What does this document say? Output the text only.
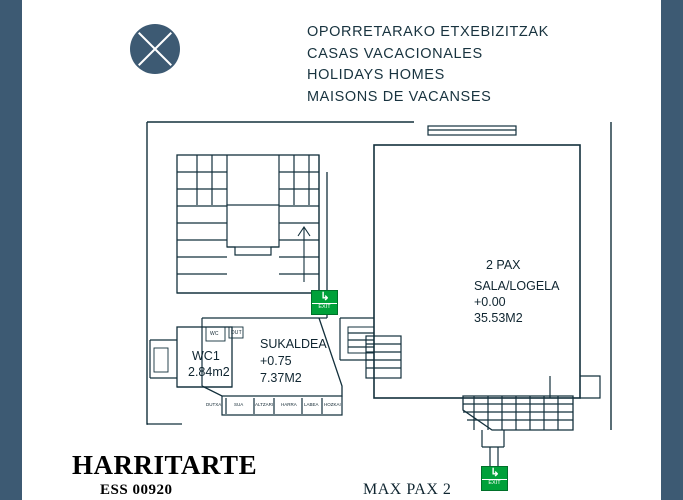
OPORRETARAKO ETXEBIZITZAK
CASAS VACACIONALES
HOLIDAYS HOMES
MAISONS DE VACANSES
2 PAX
SALA/LOGELA
+0.00
35.53M2
WC1
2.84m2
SUKALDEA
+0.75
7.37M2
WC DUT
DUTXA	SUA	ALTZARI HARRA LABEA HOZKAI
↳
EXIT
↳
EXIT
HARRITARTE
ESS 00920	MAX PAX 2
